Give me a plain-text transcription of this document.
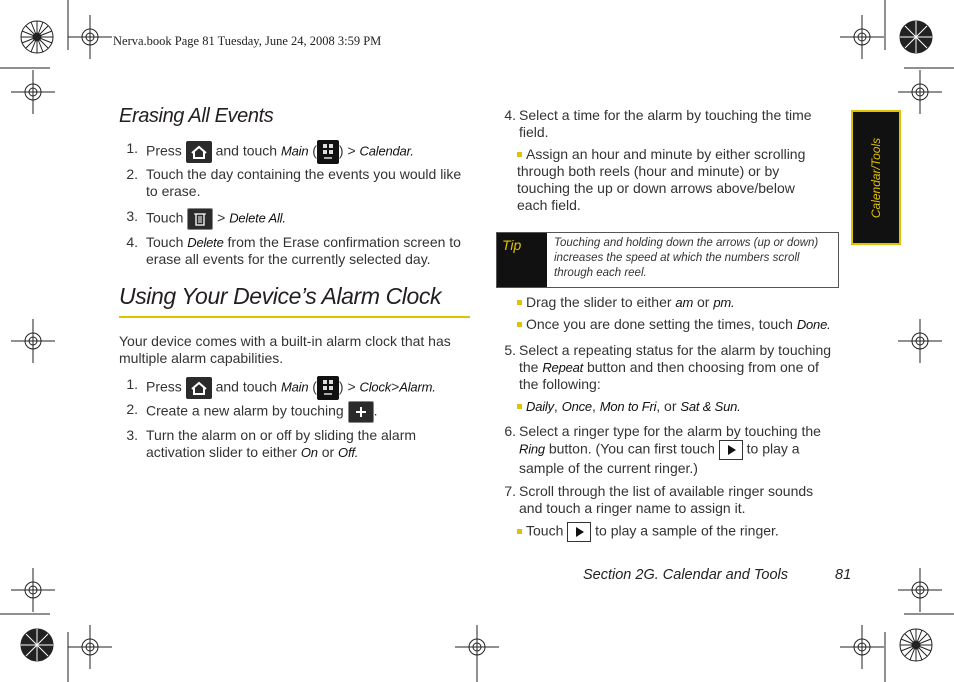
Nerva.book Page 81 Tuesday, June 24, 2008 3:59 PM
Calendar/Tools
Erasing All Events
1. Press and touch Main ( ) > Calendar.
2. Touch the day containing the events you would like to erase.
3. Touch > Delete All.
4. Touch Delete from the Erase confirmation screen to erase all events for the currently selected day.
Using Your Device’s Alarm Clock
Your device comes with a built-in alarm clock that has multiple alarm capabilities.
1. Press and touch Main ( ) > Clock>Alarm.
2. Create a new alarm by touching .
3. Turn the alarm on or off by sliding the alarm activation slider to either On or Off.
4. Select a time for the alarm by touching the time field.
Assign an hour and minute by either scrolling through both reels (hour and minute) or by touching the up or down arrows above/below each field.
Tip	Touching and holding down the arrows (up or down) increases the speed at which the numbers scroll through each reel.
Drag the slider to either am or pm.
Once you are done setting the times, touch Done.
5. Select a repeating status for the alarm by touching the Repeat button and then choosing from one of the following:
Daily, Once, Mon to Fri, or Sat & Sun.
6. Select a ringer type for the alarm by touching the Ring button. (You can first touch to play a sample of the current ringer.)
7. Scroll through the list of available ringer sounds and touch a ringer name to assign it.
Touch to play a sample of the ringer.
Section 2G. Calendar and Tools	81
